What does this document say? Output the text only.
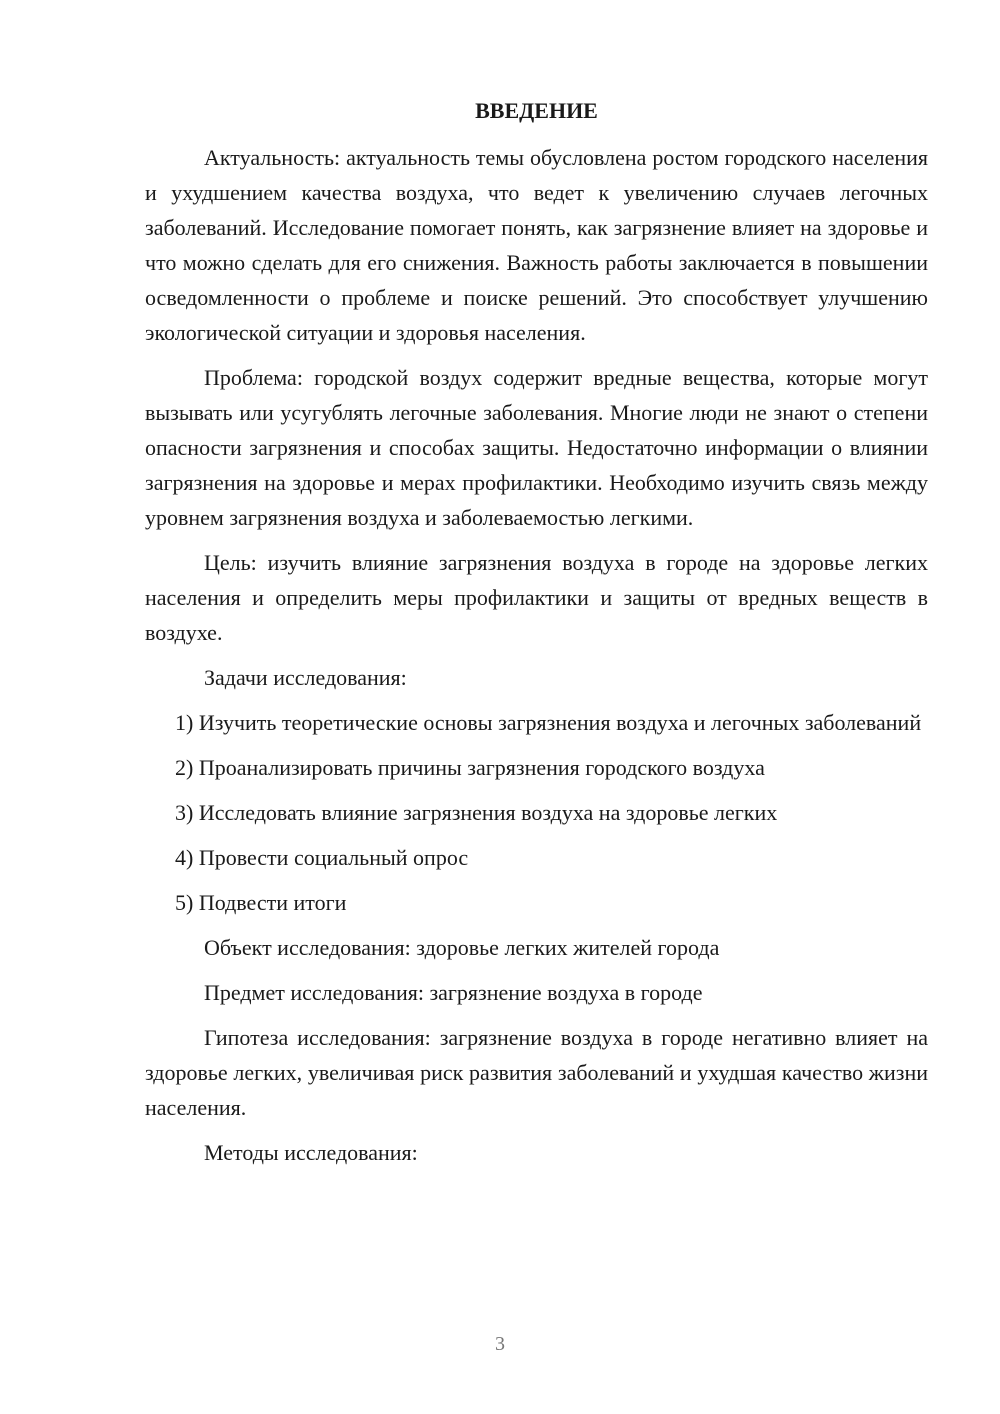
ВВЕДЕНИЕ

Актуальность: актуальность темы обусловлена ростом городского населения и ухудшением качества воздуха, что ведет к увеличению случаев легочных заболеваний. Исследование помогает понять, как загрязнение влияет на здоровье и что можно сделать для его снижения. Важность работы заключается в повышении осведомленности о проблеме и поиске решений. Это способствует улучшению экологической ситуации и здоровья населения.

Проблема: городской воздух содержит вредные вещества, которые могут вызывать или усугублять легочные заболевания. Многие люди не знают о степени опасности загрязнения и способах защиты. Недостаточно информации о влиянии загрязнения на здоровье и мерах профилактики. Необходимо изучить связь между уровнем загрязнения воздуха и заболеваемостью легкими.

Цель: изучить влияние загрязнения воздуха в городе на здоровье легких населения и определить меры профилактики и защиты от вредных веществ в воздухе.

Задачи исследования:

1) Изучить теоретические основы загрязнения воздуха и легочных заболеваний

2) Проанализировать причины загрязнения городского воздуха

3) Исследовать влияние загрязнения воздуха на здоровье легких

4) Провести социальный опрос

5) Подвести итоги

Объект исследования: здоровье легких жителей города

Предмет исследования: загрязнение воздуха в городе

Гипотеза исследования: загрязнение воздуха в городе негативно влияет на здоровье легких, увеличивая риск развития заболеваний и ухудшая качество жизни населения.

Методы исследования:

3
